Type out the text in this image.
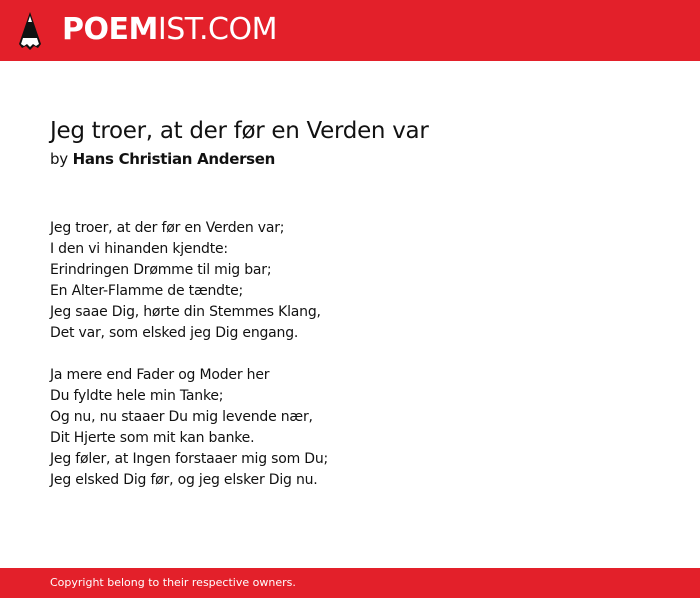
POEMIST.COM
Jeg troer, at der før en Verden var
by Hans Christian Andersen
Jeg troer, at der før en Verden var;
I den vi hinanden kjendte:
Erindringen Drømme til mig bar;
En Alter-Flamme de tændte;
Jeg saae Dig, hørte din Stemmes Klang,
Det var, som elsked jeg Dig engang.
Ja mere end Fader og Moder her
Du fyldte hele min Tanke;
Og nu, nu staaer Du mig levende nær,
Dit Hjerte som mit kan banke.
Jeg føler, at Ingen forstaaer mig som Du;
Jeg elsked Dig før, og jeg elsker Dig nu.
Copyright belong to their respective owners.
